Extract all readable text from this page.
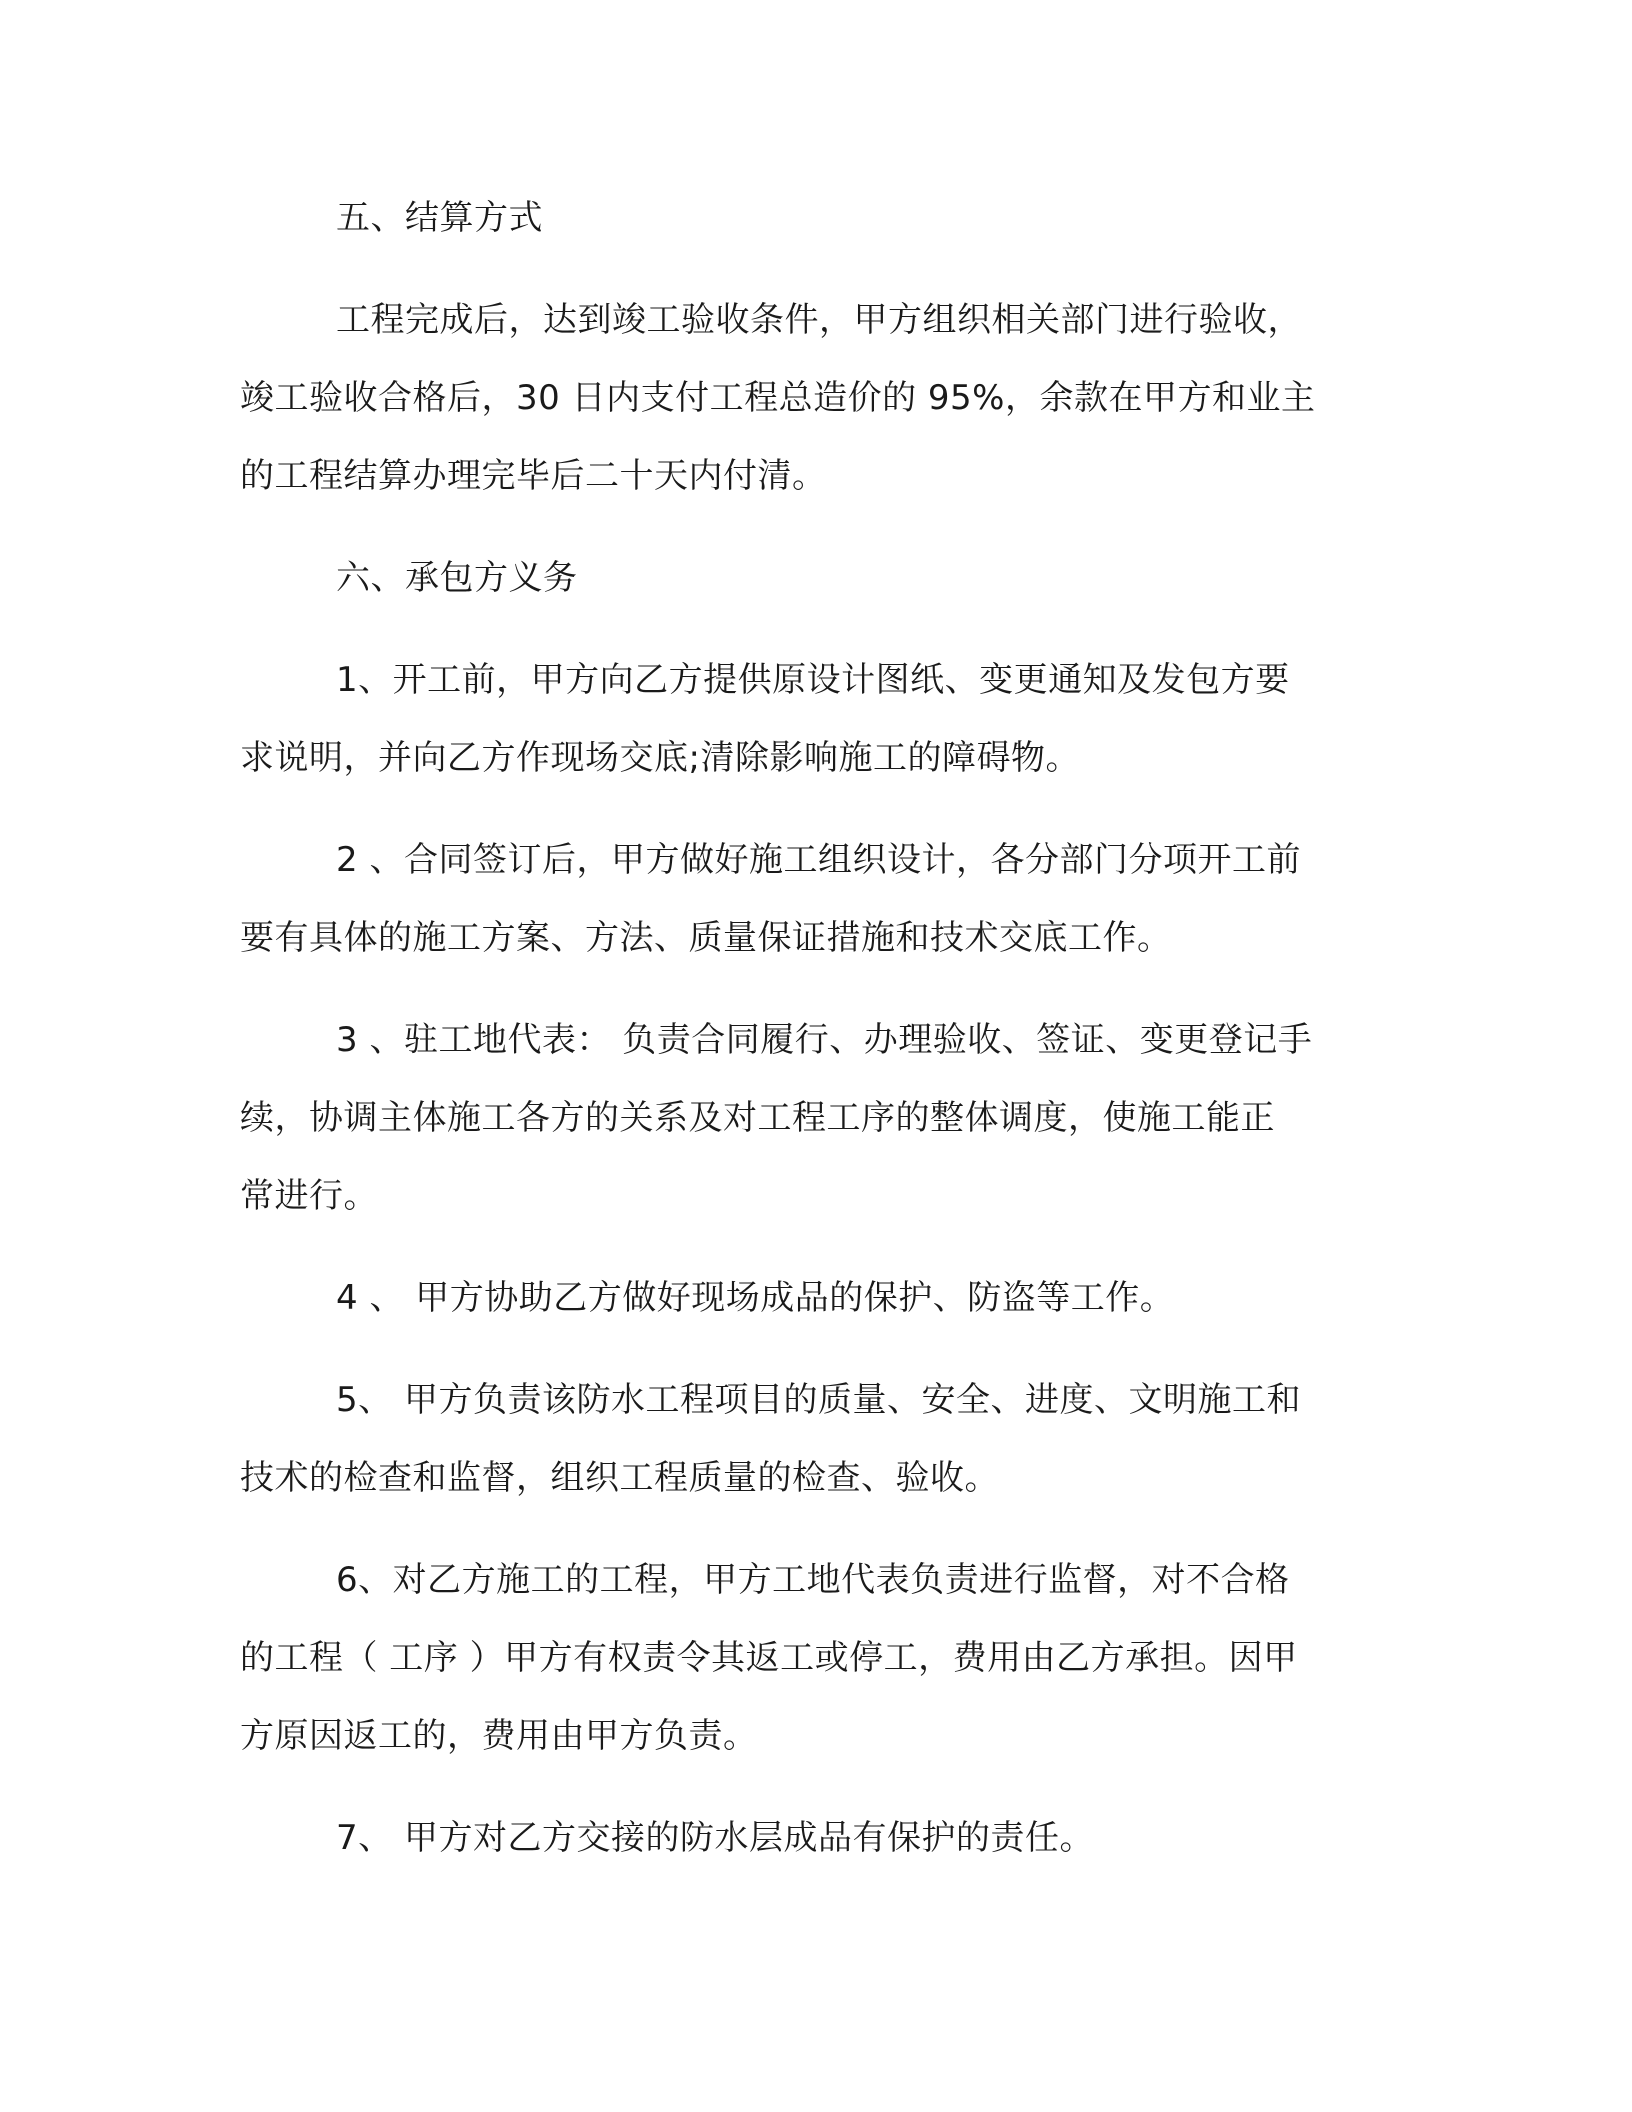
五、结算方式
工程完成后，达到竣工验收条件，甲方组织相关部门进行验收，
竣工验收合格后，30 日内支付工程总造价的 95%，余款在甲方和业主
的工程结算办理完毕后二十天内付清。
六、承包方义务
1、开工前，甲方向乙方提供原设计图纸、变更通知及发包方要
求说明，并向乙方作现场交底;清除影响施工的障碍物。
2 、合同签订后，甲方做好施工组织设计，各分部门分项开工前
要有具体的施工方案、方法、质量保证措施和技术交底工作。
3 、驻工地代表： 负责合同履行、办理验收、签证、变更登记手
续，协调主体施工各方的关系及对工程工序的整体调度，使施工能正
常进行。
4 、 甲方协助乙方做好现场成品的保护、防盗等工作。
5、 甲方负责该防水工程项目的质量、安全、进度、文明施工和
技术的检查和监督，组织工程质量的检查、验收。
6、对乙方施工的工程，甲方工地代表负责进行监督，对不合格
的工程（ 工序 ）甲方有权责令其返工或停工，费用由乙方承担。因甲
方原因返工的，费用由甲方负责。
7、 甲方对乙方交接的防水层成品有保护的责任。
